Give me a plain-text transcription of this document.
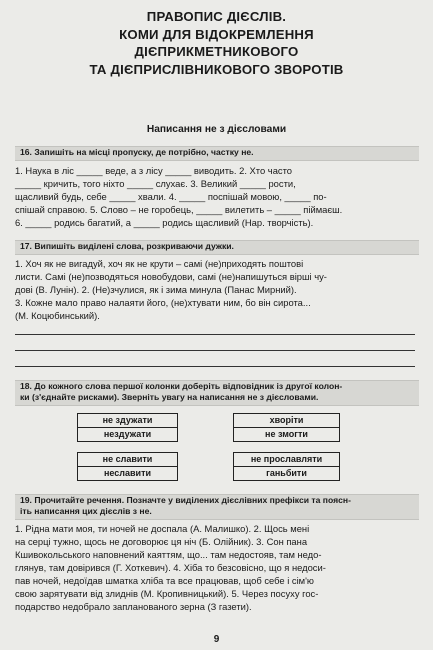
ПРАВОПИС ДІЄСЛІВ.
КОМИ ДЛЯ ВІДОКРЕМЛЕННЯ
ДІЄПРИКМЕТНИКОВОГО
ТА ДІЄПРИСЛІВНИКОВОГО ЗВОРОТІВ
Написання не з дієсловами
16. Запишіть на місці пропуску, де потрібно, частку не.
1. Наука в ліс _____ веде, а з лісу _____ виводить. 2. Хто часто
_____ кричить, того ніхто _____ слухає. 3. Великий _____ рости,
щасливий будь, себе _____ хвали. 4. _____ поспішай мовою, _____ по-
спішай справою. 5. Слово – не горобець, _____ вилетить – _____ піймаєш.
6. _____ родись багатий, а _____ родись щасливий (Нар. творчість).
17. Випишіть виділені слова, розкриваючи дужки.
1. Хоч як не вигадуй, хоч як не крути – самі (не)приходять поштові
листи. Самі (не)позводяться новобудови, самі (не)напишуться вірші чу-
дові (В. Лунін). 2. (Не)зчулися, як і зима минула (Панас Мирний).
3. Кожне мало право налаяти його, (не)хтувати ним, бо він сирота...
(М. Коцюбинський).
18. До кожного слова першої колонки доберіть відповідник із другої колон-
ки (з'єднайте рисками). Зверніть увагу на написання не з дієсловами.
не здужати
нездужати
хворіти
не змогти
не славити
неславити
не прославляти
ганьбити
19. Прочитайте речення. Позначте у виділених дієслівних префікси та поясн-
іть написання цих дієслів з не.
1. Рідна мати моя, ти ночей не доспала (А. Малишко). 2. Щось мені
на серці тужно, щось не договорює ця ніч (Б. Олійник). 3. Сон пана
Кшивокольського наповнений каяттям, що... там недостояв, там недо-
глянув, там довірився (Г. Хоткевич). 4. Хіба то безсовісно, що я недоси-
пав ночей, недоїдав шматка хліба та все працював, щоб себе і сім'ю
свою зарятувати від злиднів (М. Кропивницький). 5. Через посуху гос-
подарство недобрало запланованого зерна (З газети).
9
